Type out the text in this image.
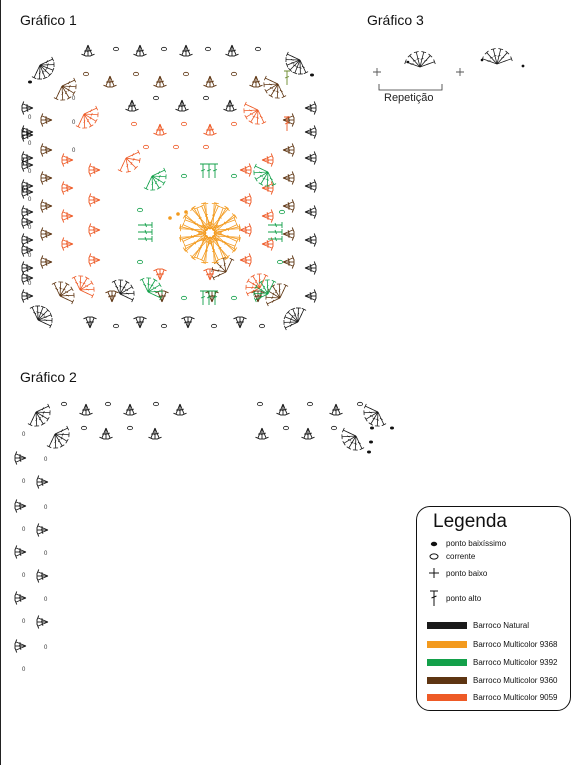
Gráfico 1	Gráfico 3
Gráfico 2
0
0
0
0
0
0
0
0
0
0
0
0
0
0
0
0
0
0
0
0
0
Repetição
Legenda
ponto baixíssimo
corrente
ponto baixo
ponto alto
Barroco Natural
Barroco Multicolor 9368
Barroco Multicolor 9392
Barroco Multicolor 9360
Barroco Multicolor 9059
